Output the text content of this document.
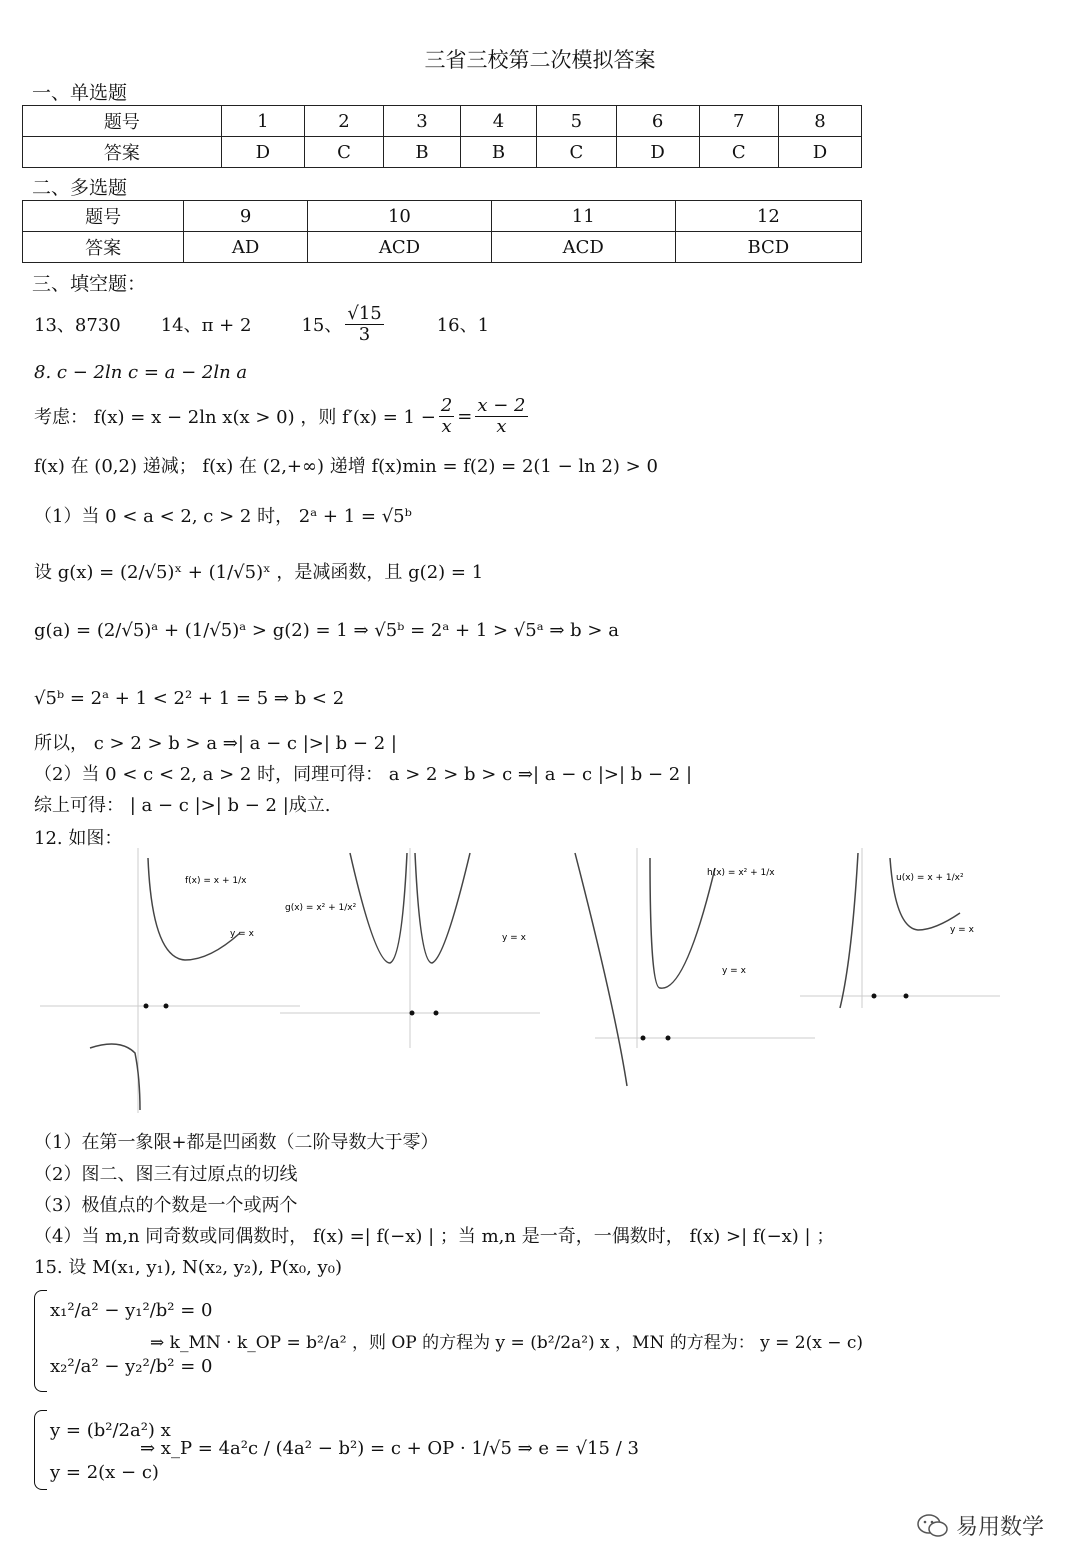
三省三校第二次模拟答案
一、单选题
题号	1	2	3	4	5	6	7	8
答案	D	C	B	B	C	D	C	D
二、多选题
题号	9	10	11	12
答案	AD	ACD	ACD	BCD
三、填空题：
13、8730 14、π + 2	15、 $\frac{√15}{3}$	16、1
8. c − 2ln c = a − 2ln a
考虑： f(x) = x − 2ln x(x > 0) ，则 $f'(x) = 1 - \frac{2}{x} = \frac{x - 2}{x}$
f(x) 在 (0,2) 递减； f(x) 在 (2,+∞) 递增 f(x)min = f(2) = 2(1 − ln 2) > 0
（1）当 0 < a < 2, c > 2 时， 2ᵃ + 1 = √5ᵇ
设 g(x) = (2/√5)ˣ + (1/√5)ˣ ，是减函数，且 g(2) = 1
g(a) = (2/√5)ᵃ + (1/√5)ᵃ > g(2) = 1 ⇒ √5ᵇ = 2ᵃ + 1 > √5ᵃ ⇒ b > a
√5ᵇ = 2ᵃ + 1 < 2² + 1 = 5 ⇒ b < 2
所以， c > 2 > b > a ⇒| a − c |>| b − 2 |
（2）当 0 < c < 2, a > 2 时，同理可得： a > 2 > b > c ⇒| a − c |>| b − 2 |
综上可得： | a − c |>| b − 2 |成立.
12. 如图：
f(x) = x + 1/x
y = x
g(x) = x² + 1/x²
y = x
h(x) = x² + 1/x
y = x
u(x) = x + 1/x²
y = x
（1）在第一象限+都是凹函数（二阶导数大于零）
（2）图二、图三有过原点的切线
（3）极值点的个数是一个或两个
（4）当 m,n 同奇数或同偶数时， f(x) =| f(−x) | ；当 m,n 是一奇，一偶数时， f(x) >| f(−x) | ；
15. 设 M(x₁, y₁), N(x₂, y₂), P(x₀, y₀)
x₁²/a² − y₁²/b² = 0
x₂²/a² − y₂²/b² = 0
⇒ k_MN · k_OP = b²/a² ，则 OP 的方程为 y = (b²/2a²) x ，MN 的方程为： y = 2(x − c)
y = (b²/2a²) x
y = 2(x − c)
⇒ x_P = 4a²c / (4a² − b²) = c + OP · 1/√5 ⇒ e = √15 / 3
易用数学
